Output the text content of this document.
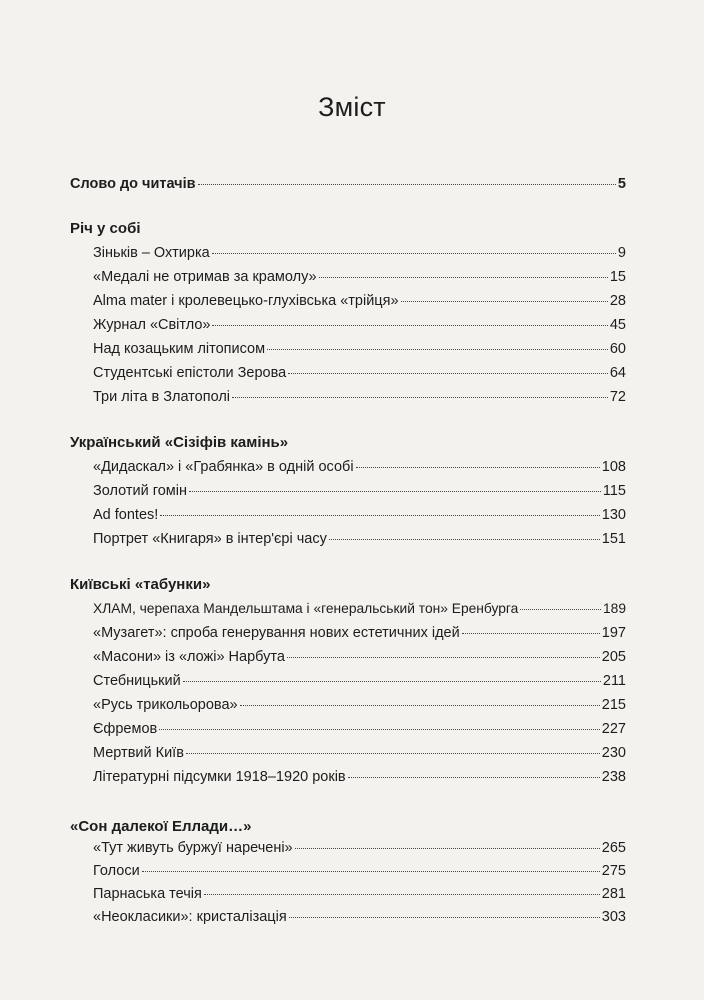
Зміст
Слово до читачів	5
Річ у собі
Зіньків – Охтирка	9
«Медалі не отримав за крамолу»	15
Alma mater і кролевецько-глухівська «трійця»	28
Журнал «Світло»	45
Над козацьким літописом	60
Студентські епістоли Зерова	64
Три літа в Златополі	72
Український «Сізіфів камінь»
«Дидаскал» і «Грабянка» в одній особі	108
Золотий гомін	115
Ad fontes!	130
Портрет «Книгаря» в інтер'єрі часу	151
Київські «табунки»
ХЛАМ, черепаха Мандельштама і «генеральський тон» Еренбурга	189
«Музагет»: спроба генерування нових естетичних ідей	197
«Масони» із «ложі» Нарбута	205
Стебницький	211
«Русь трикольорова»	215
Єфремов	227
Мертвий Київ	230
Літературні підсумки 1918–1920 років	238
«Сон далекої Еллади…»
«Тут живуть буржуї наречені»	265
Голоси	275
Парнаська течія	281
«Неокласики»: кристалізація	303
